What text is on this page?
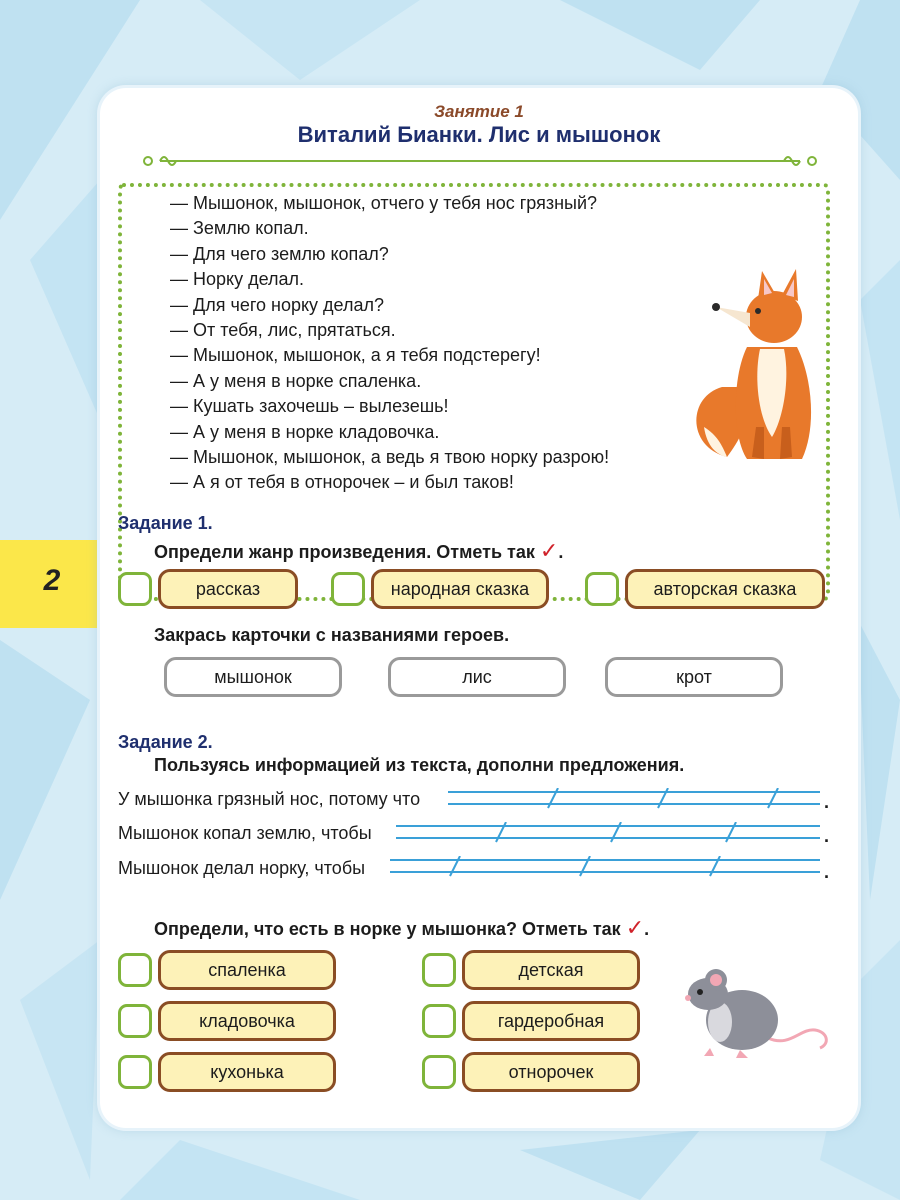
2
Занятие 1
Виталий Бианки. Лис и мышонок
— Мышонок, мышонок, отчего у тебя нос грязный?
— Землю копал.
— Для чего землю копал?
— Норку делал.
— Для чего норку делал?
— От тебя, лис, прятаться.
— Мышонок, мышонок, а я тебя подстерегу!
— А у меня в норке спаленка.
— Кушать захочешь – вылезешь!
— А у меня в норке кладовочка.
— Мышонок, мышонок, а ведь я твою норку разрою!
— А я от тебя в отнорочек – и был таков!
Задание 1.
Определи жанр произведения. Отметь так ✓.
рассказ	народная сказка	авторская сказка
Закрась карточки с названиями героев.
мышонок	лис	крот
Задание 2.
Пользуясь информацией из текста, дополни предложения.
У мышонка грязный нос, потому что	.
Мышонок копал землю, чтобы	.
Мышонок делал норку, чтобы	.
Определи, что есть в норке у мышонка? Отметь так ✓.
спаленка
кладовочка
кухонька
детская
гардеробная
отнорочек
